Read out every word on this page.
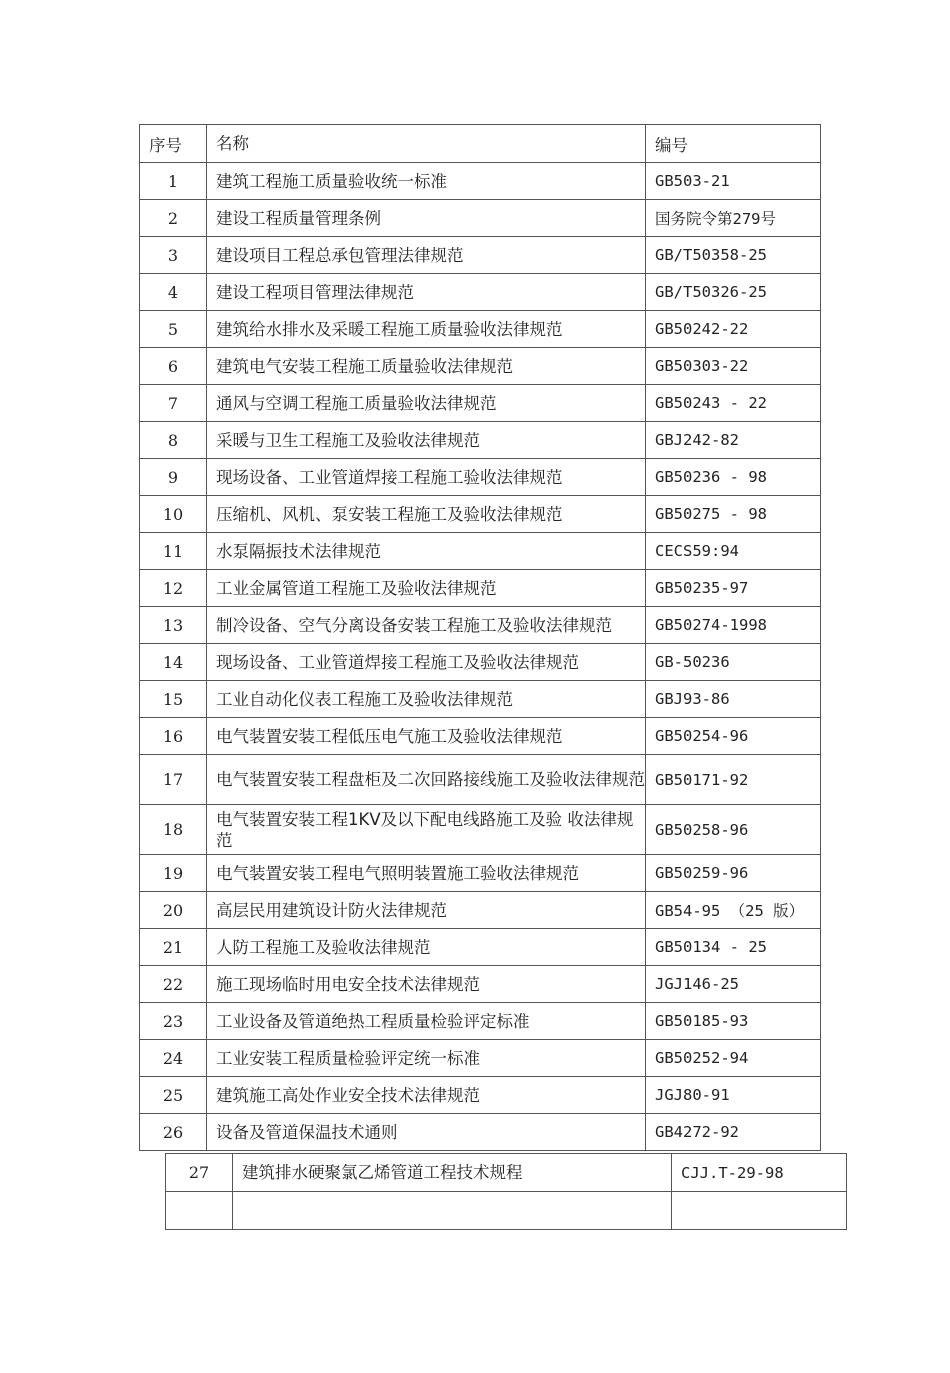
序号	名称	编号
1	建筑工程施工质量验收统一标准	GB503-21
2	建设工程质量管理条例	国务院令第279号
3	建设项目工程总承包管理法律规范	GB/T50358-25
4	建设工程项目管理法律规范	GB/T50326-25
5	建筑给水排水及采暖工程施工质量验收法律规范	GB50242-22
6	建筑电气安装工程施工质量验收法律规范	GB50303-22
7	通风与空调工程施工质量验收法律规范	GB50243 - 22
8	采暖与卫生工程施工及验收法律规范	GBJ242-82
9	现场设备、工业管道焊接工程施工验收法律规范	GB50236 - 98
10	压缩机、风机、泵安装工程施工及验收法律规范	GB50275 - 98
11	水泵隔振技术法律规范	CECS59:94
12	工业金属管道工程施工及验收法律规范	GB50235-97
13	制冷设备、空气分离设备安装工程施工及验收法律规范	GB50274-1998
14	现场设备、工业管道焊接工程施工及验收法律规范	GB-50236
15	工业自动化仪表工程施工及验收法律规范	GBJ93-86
16	电气装置安装工程低压电气施工及验收法律规范	GB50254-96
17	电气装置安装工程盘柜及二次回路接线施工及验收法律规范	GB50171-92
18	电气装置安装工程1KV及以下配电线路施工及验 收法律规范	GB50258-96
19	电气装置安装工程电气照明装置施工验收法律规范	GB50259-96
20	高层民用建筑设计防火法律规范	GB54-95 （25 版）
21	人防工程施工及验收法律规范	GB50134 - 25
22	施工现场临时用电安全技术法律规范	JGJ146-25
23	工业设备及管道绝热工程质量检验评定标准	GB50185-93
24	工业安装工程质量检验评定统一标准	GB50252-94
25	建筑施工高处作业安全技术法律规范	JGJ80-91
26	设备及管道保温技术通则	GB4272-92
27	建筑排水硬聚氯乙烯管道工程技术规程	CJJ.T-29-98
